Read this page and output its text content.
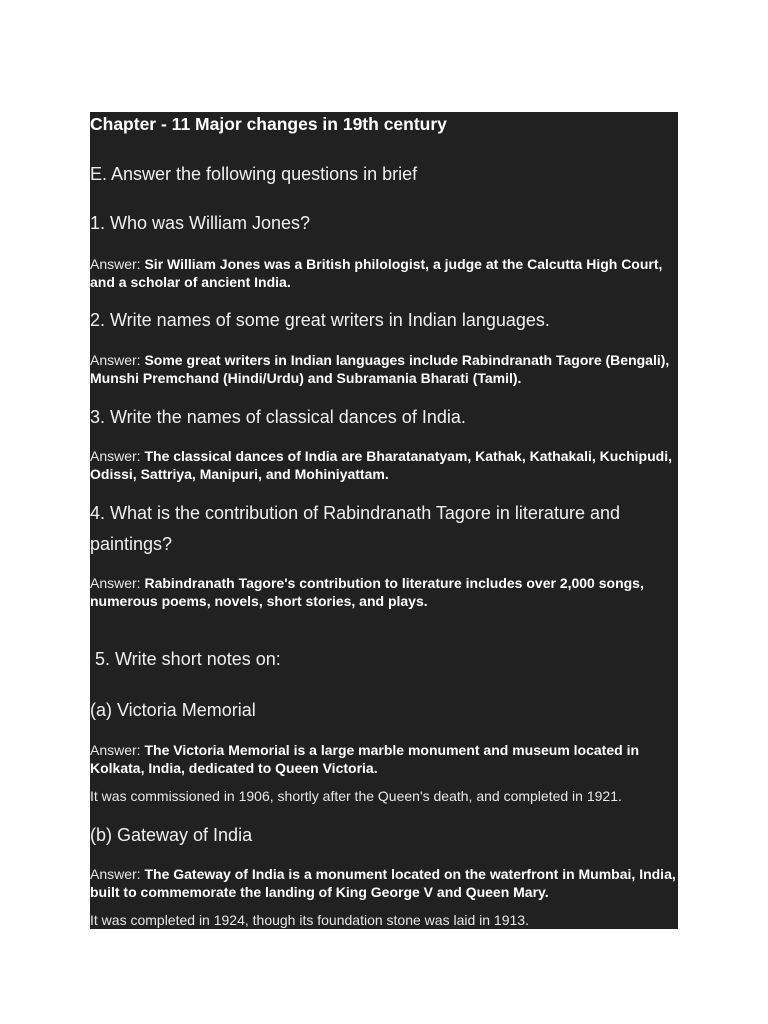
Chapter - 11 Major changes in 19th century
E. Answer the following questions in brief
1. Who was William Jones?
Answer: Sir William Jones was a British philologist, a judge at the Calcutta High Court, and a scholar of ancient India.
2. Write names of some great writers in Indian languages.
Answer: Some great writers in Indian languages include Rabindranath Tagore (Bengali), Munshi Premchand (Hindi/Urdu) and Subramania Bharati (Tamil).
3. Write the names of classical dances of India.
Answer: The classical dances of India are Bharatanatyam, Kathak, Kathakali, Kuchipudi, Odissi, Sattriya, Manipuri, and Mohiniyattam.
4. What is the contribution of Rabindranath Tagore in literature and paintings?
Answer: Rabindranath Tagore's contribution to literature includes over 2,000 songs, numerous poems, novels, short stories, and plays.
5. Write short notes on:
(a) Victoria Memorial
Answer: The Victoria Memorial is a large marble monument and museum located in Kolkata, India, dedicated to Queen Victoria.
It was commissioned in 1906, shortly after the Queen's death, and completed in 1921.
(b) Gateway of India
Answer: The Gateway of India is a monument located on the waterfront in Mumbai, India, built to commemorate the landing of King George V and Queen Mary.
It was completed in 1924, though its foundation stone was laid in 1913.
